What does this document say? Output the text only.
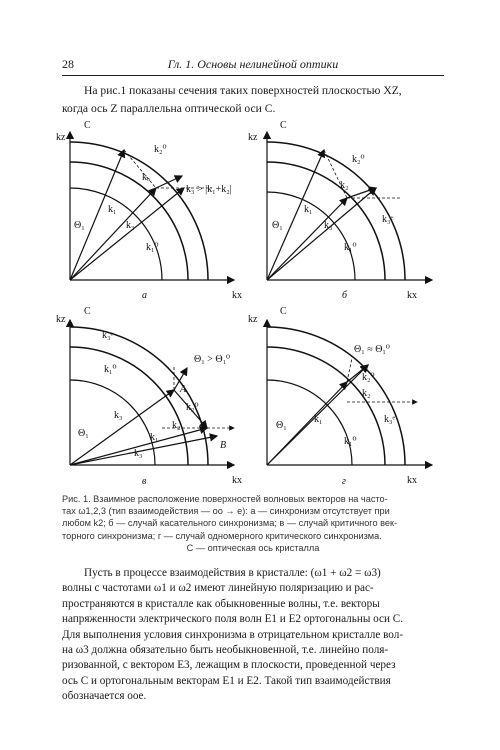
28	Гл. 1. Основы нелинейной оптики
На рис.1 показаны сечения таких поверхностей плоскостью XZ,
когда ось Z параллельна оптической оси C.
kz
C
kx
k₂⁰
kₒ
k₃ > |k₁+k₂|
k₁
Θ₁	k₃
k₁⁰
а
kz
C
kx
k₂⁰
k₂
k₁
Θ₁	k₃
k₃ᵉ
k₁⁰
б
kz
C
kx
k₃ᵉ
Θ₁ > Θ₁⁰
A
k₁⁰
k₂⁰
k₃
k₂
k₁
Θ₁
B
k₃
в
kz
C
kx
Θ₁ ≈ Θ₁⁰
k₂⁰
k₂
k₁
Θ₁
k₃ᵉ
k₁⁰
г
Рис. 1. Взаимное расположение поверхностей волновых векторов на часто-
тах ω1,2,3 (тип взаимодействия — оо → е): а — синхронизм отсутствует при
любом k2; б — случай касательного синхронизма; в — случай критичного век-
торного синхронизма; г — случай одномерного критического синхронизма.
С — оптическая ось кристалла
Пусть в процессе взаимодействия в кристалле: (ω1 + ω2 = ω3)
волны с частотами ω1 и ω2 имеют линейную поляризацию и рас-
пространяются в кристалле как обыкновенные волны, т.е. векторы
напряженности электрического поля волн E1 и E2 ортогональны оси C.
Для выполнения условия синхронизма в отрицательном кристалле вол-
на ω3 должна обязательно быть необыкновенной, т.е. линейно поля-
ризованной, с вектором E3, лежащим в плоскости, проведенной через
ось C и ортогональным векторам E1 и E2. Такой тип взаимодействия
обозначается ooe.
